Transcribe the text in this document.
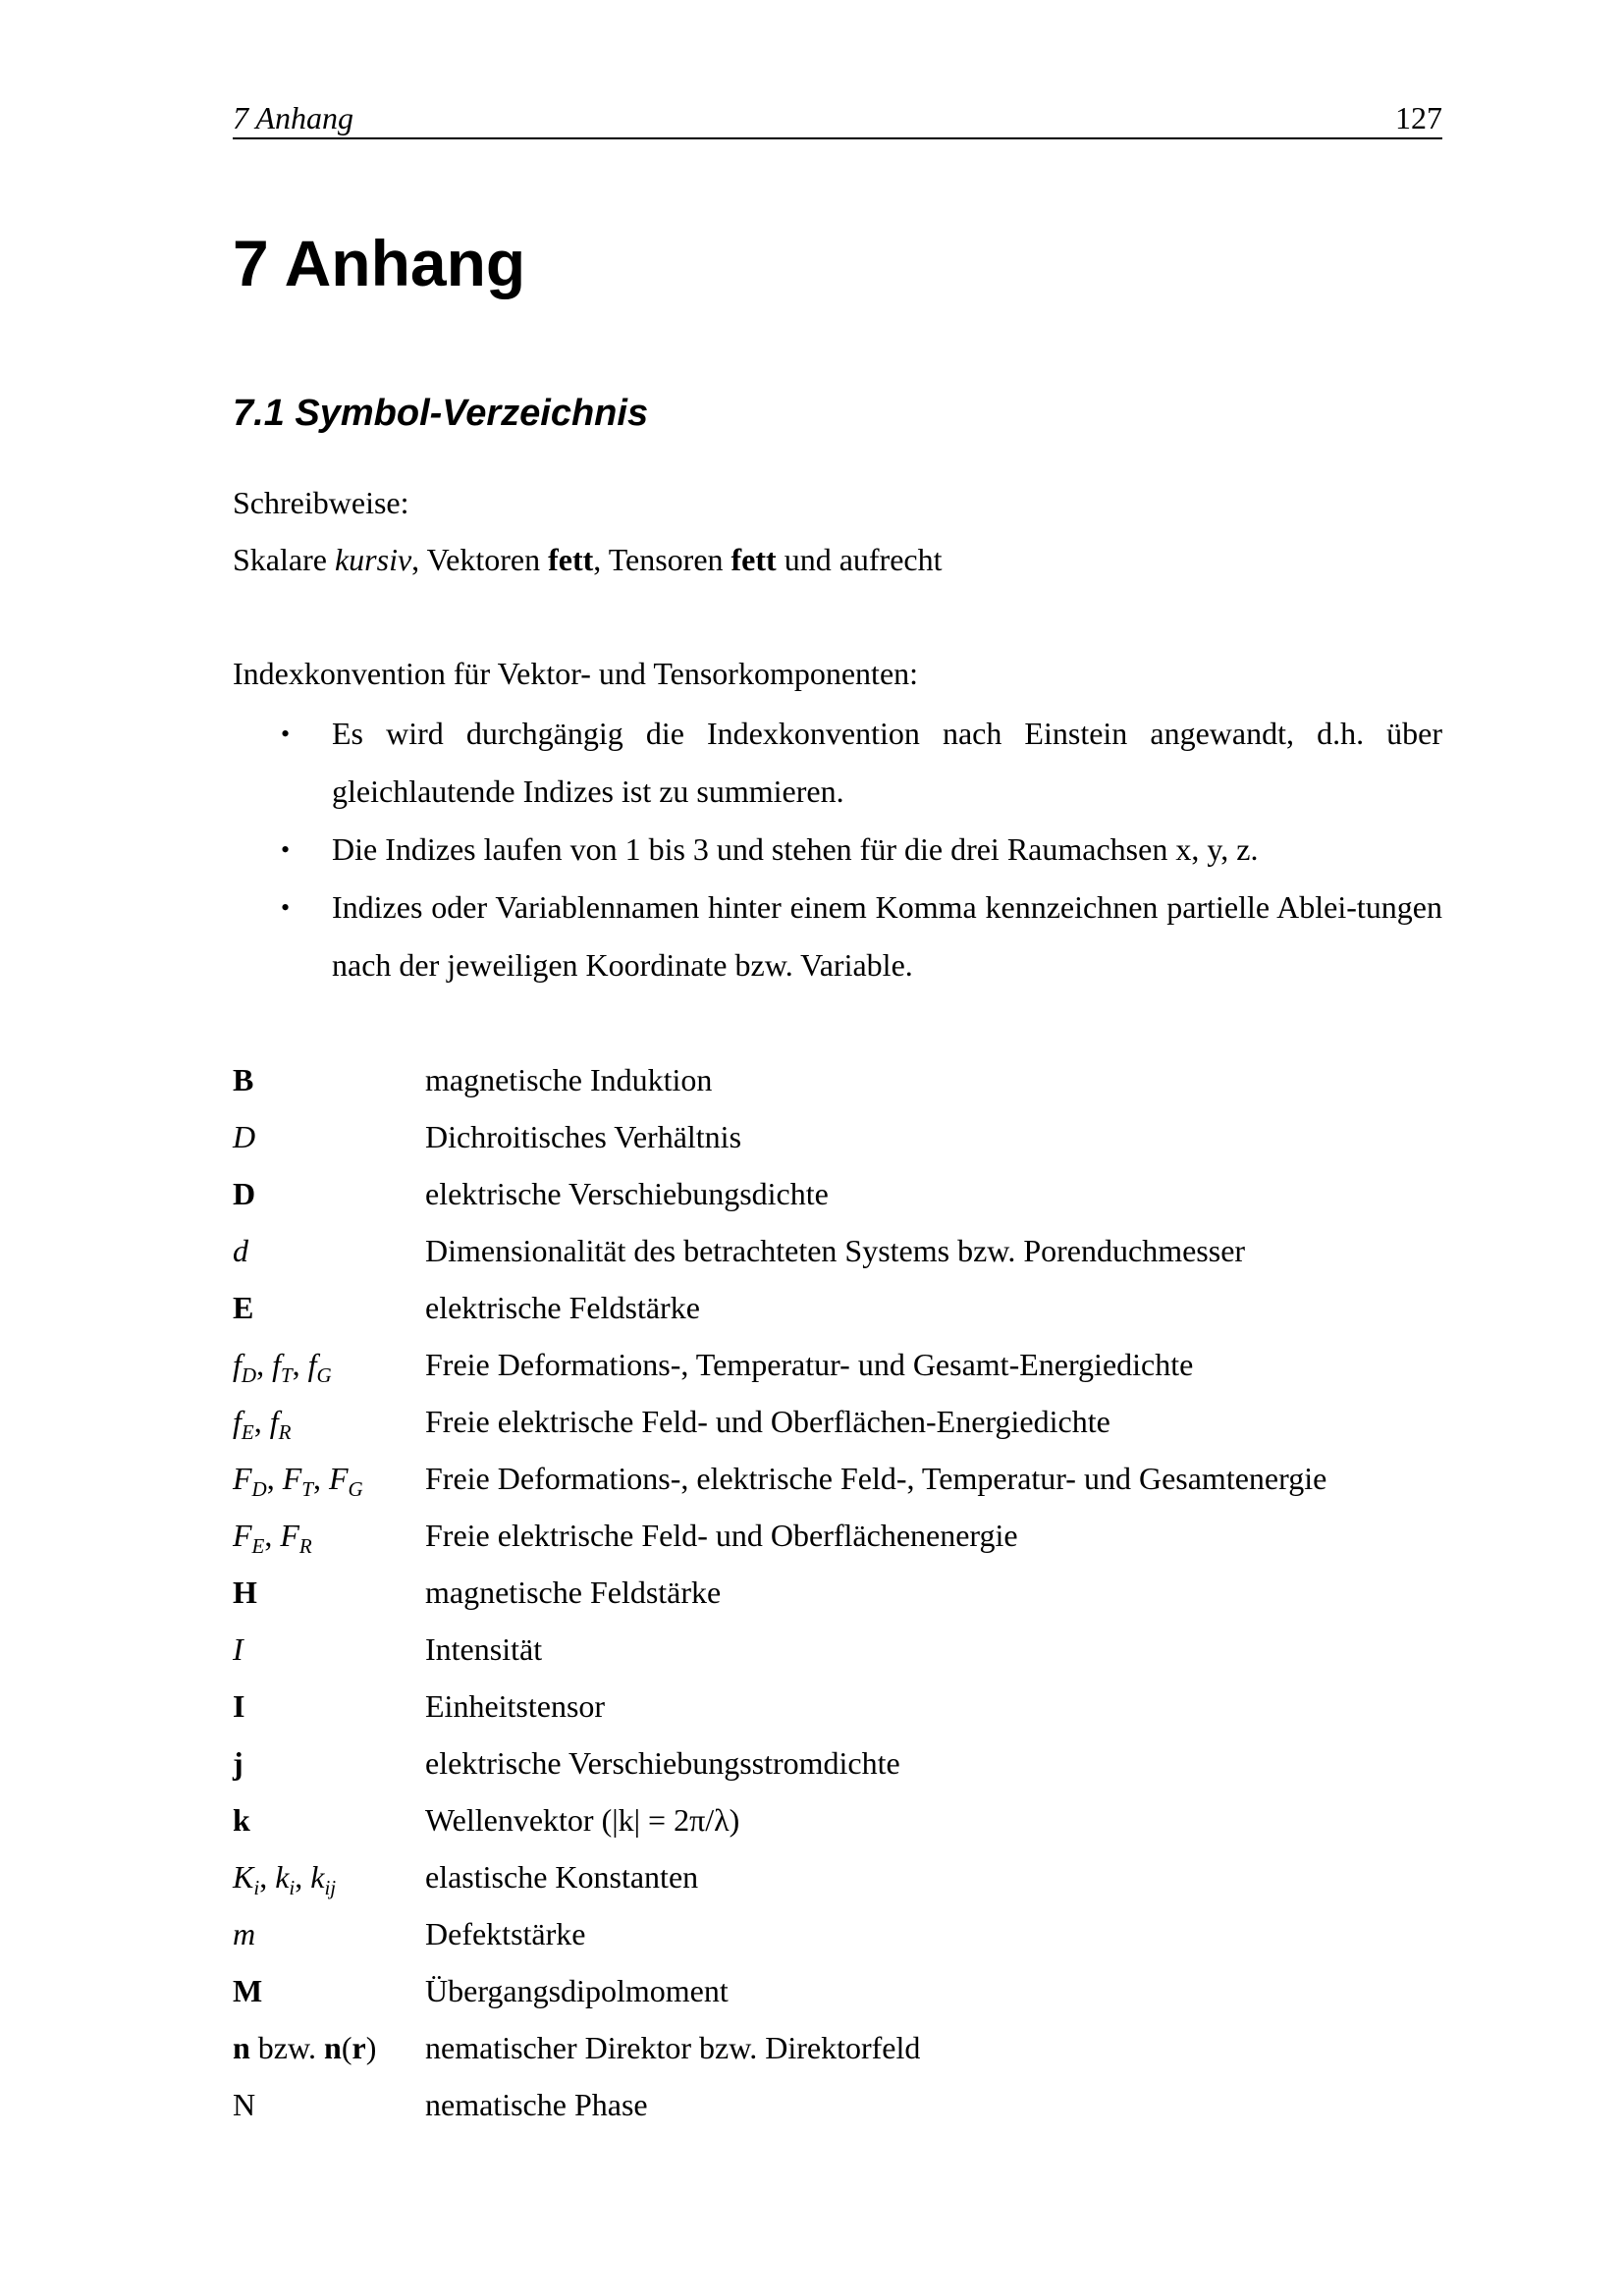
7 Anhang	127
7 Anhang
7.1 Symbol-Verzeichnis

Schreibweise:

Skalare kursiv, Vektoren fett, Tensoren fett und aufrecht

Indexkonvention für Vektor- und Tensorkomponenten:

• Es wird durchgängig die Indexkonvention nach Einstein angewandt, d.h. über gleichlautende Indizes ist zu summieren.
• Die Indizes laufen von 1 bis 3 und stehen für die drei Raumachsen x, y, z.
• Indizes oder Variablennamen hinter einem Komma kennzeichnen partielle Ablei-tungen nach der jeweiligen Koordinate bzw. Variable.
B	magnetische Induktion
D	Dichroitisches Verhältnis
D	elektrische Verschiebungsdichte
d	Dimensionalität des betrachteten Systems bzw. Porenduchmesser
E	elektrische Feldstärke
$f_D$, $f_T$, $f_G$	Freie Deformations-, Temperatur- und Gesamt-Energiedichte
$f_E$, $f_R$	Freie elektrische Feld- und Oberflächen-Energiedichte
$F_D$, $F_T$, $F_G$	Freie Deformations-, elektrische Feld-, Temperatur- und Gesamtenergie
$F_E$, $F_R$	Freie elektrische Feld- und Oberflächenenergie
H	magnetische Feldstärke
I	Intensität
I	Einheitstensor
j	elektrische Verschiebungsstromdichte
k	Wellenvektor (|k| = 2π/λ)
$K_i$, $k_i$, $k_{ij}$	elastische Konstanten
m	Defektstärke
M	Übergangsdipolmoment
n bzw. n(r)	nematischer Direktor bzw. Direktorfeld
N	nematische Phase
